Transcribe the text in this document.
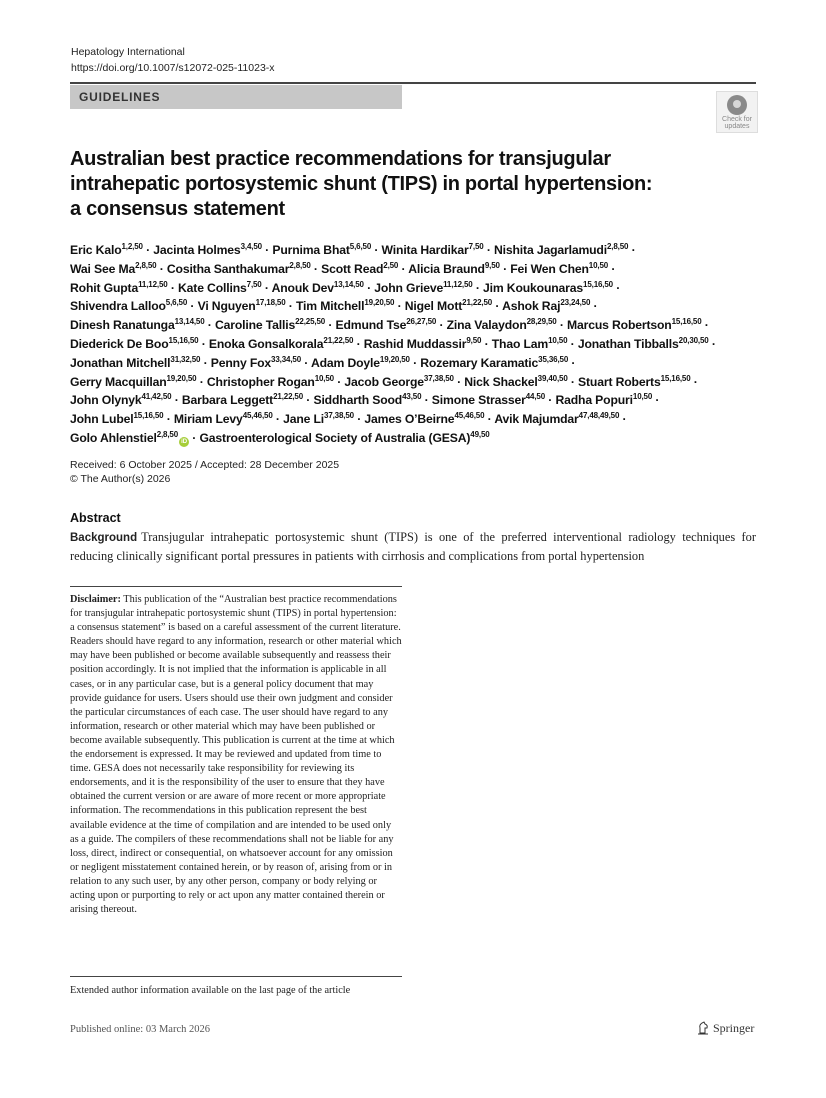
Hepatology International
https://doi.org/10.1007/s12072-025-11023-x
GUIDELINES
Check for
updates
Australian best practice recommendations for transjugular
intrahepatic portosystemic shunt (TIPS) in portal hypertension:
a consensus statement
Eric Kalo$^{1,2,50}$ · Jacinta Holmes$^{3,4,50}$ · Purnima Bhat$^{5,6,50}$ · Winita Hardikar$^{7,50}$ · Nishita Jagarlamudi$^{2,8,50}$ ·
Wai See Ma$^{2,8,50}$ · Cositha Santhakumar$^{2,8,50}$ · Scott Read$^{2,50}$ · Alicia Braund$^{9,50}$ · Fei Wen Chen$^{10,50}$ ·
Rohit Gupta$^{11,12,50}$ · Kate Collins$^{7,50}$ · Anouk Dev$^{13,14,50}$ · John Grieve$^{11,12,50}$ · Jim Koukounaras$^{15,16,50}$ ·
Shivendra Lalloo$^{5,6,50}$ · Vi Nguyen$^{17,18,50}$ · Tim Mitchell$^{19,20,50}$ · Nigel Mott$^{21,22,50}$ · Ashok Raj$^{23,24,50}$ ·
Dinesh Ranatunga$^{13,14,50}$ · Caroline Tallis$^{22,25,50}$ · Edmund Tse$^{26,27,50}$ · Zina Valaydon$^{28,29,50}$ · Marcus Robertson$^{15,16,50}$ ·
Diederick De Boo$^{15,16,50}$ · Enoka Gonsalkorala$^{21,22,50}$ · Rashid Muddassir$^{9,50}$ · Thao Lam$^{10,50}$ · Jonathan Tibballs$^{20,30,50}$ ·
Jonathan Mitchell$^{31,32,50}$ · Penny Fox$^{33,34,50}$ · Adam Doyle$^{19,20,50}$ · Rozemary Karamatic$^{35,36,50}$ ·
Gerry Macquillan$^{19,20,50}$ · Christopher Rogan$^{10,50}$ · Jacob George$^{37,38,50}$ · Nick Shackel$^{39,40,50}$ · Stuart Roberts$^{15,16,50}$ ·
John Olynyk$^{41,42,50}$ · Barbara Leggett$^{21,22,50}$ · Siddharth Sood$^{43,50}$ · Simone Strasser$^{44,50}$ · Radha Popuri$^{10,50}$ ·
John Lubel$^{15,16,50}$ · Miriam Levy$^{45,46,50}$ · Jane Li$^{37,38,50}$ · James O’Beirne$^{45,46,50}$ · Avik Majumdar$^{47,48,49,50}$ ·
Golo Ahlenstiel$^{2,8,50}$iD · Gastroenterological Society of Australia (GESA)$^{49,50}$
Received: 6 October 2025 / Accepted: 28 December 2025
© The Author(s) 2026
Abstract
Background Transjugular intrahepatic portosystemic shunt (TIPS) is one of the preferred interventional radiology techniques for reducing clinically significant portal pressures in patients with cirrhosis and complications from portal hypertension
Disclaimer: This publication of the “Australian best practice recommendations for transjugular intrahepatic portosystemic shunt (TIPS) in portal hypertension: a consensus statement” is based on a careful assessment of the current literature. Readers should have regard to any information, research or other material which may have been published or become available subsequently and reassess their position accordingly. It is not implied that the information is applicable in all cases, or in any particular case, but is a general policy document that may provide guidance for users. Users should use their own judgment and consider the particular circumstances of each case. The user should have regard to any information, research or other material which may have been published or become available subsequently. This publication is current at the time at which the endorsement is expressed. It may be reviewed and updated from time to time. GESA does not necessarily take responsibility for reviewing its endorsements, and it is the responsibility of the user to ensure that they have obtained the current version or are aware of more recent or more appropriate information. The recommendations in this publication represent the best available evidence at the time of compilation and are intended to be used only as a guide. The compilers of these recommendations shall not be liable for any loss, direct, indirect or consequential, on whatsoever account for any omission or negligent misstatement contained herein, or by reason of, arising from or in relation to any such user, by any other person, company or body relying or acting upon or purporting to rely or act upon any matter contained therein or arising thereout.
Extended author information available on the last page of the article
Published online: 03 March 2026	Springer
